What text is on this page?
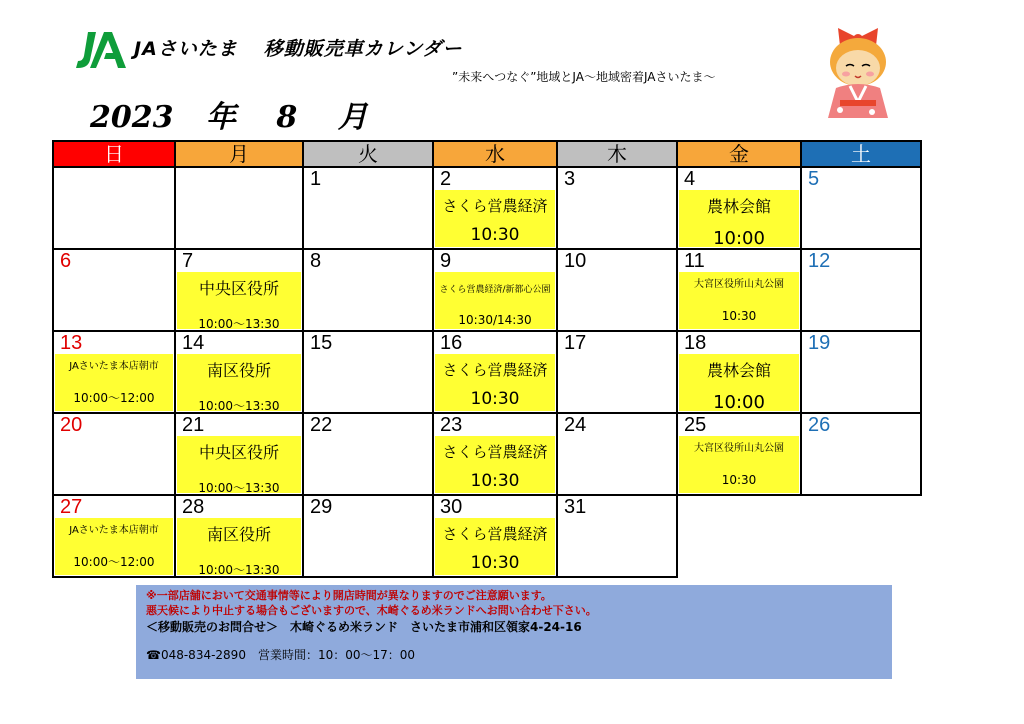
JAさいたま 移動販売車カレンダー
”未来へつなぐ”地域とJA～地域密着JAさいたま～
2023 年 8 月
日	月	火	水	木	金	土

		1	2
さくら営農経済
10:30	3	4
農林会館
10:00	5

6	7
中央区役所
10:00～13:30	8	9
さくら営農経済/新都心公園
10:30/14:30	10	11
大宮区役所山丸公園
10:30	12

13
JAさいたま本店朝市
10:00～12:00	14
南区役所
10:00～13:30	15	16
さくら営農経済
10:30	17	18
農林会館
10:00	19

20	21
中央区役所
10:00～13:30	22	23
さくら営農経済
10:30	24	25
大宮区役所山丸公園
10:30	26

27
JAさいたま本店朝市
10:00～12:00	28
南区役所
10:00～13:30	29	30
さくら営農経済
10:30	31		

※一部店舗において交通事情等により開店時間が異なりますのでご注意願います。
悪天候により中止する場合もございますので、木崎ぐるめ米ランドへお問い合わせ下さい。
＜移動販売のお問合せ＞　木崎ぐるめ米ランド　さいたま市浦和区領家4-24-16
☎048-834-2890　営業時間：10：00～17：00
